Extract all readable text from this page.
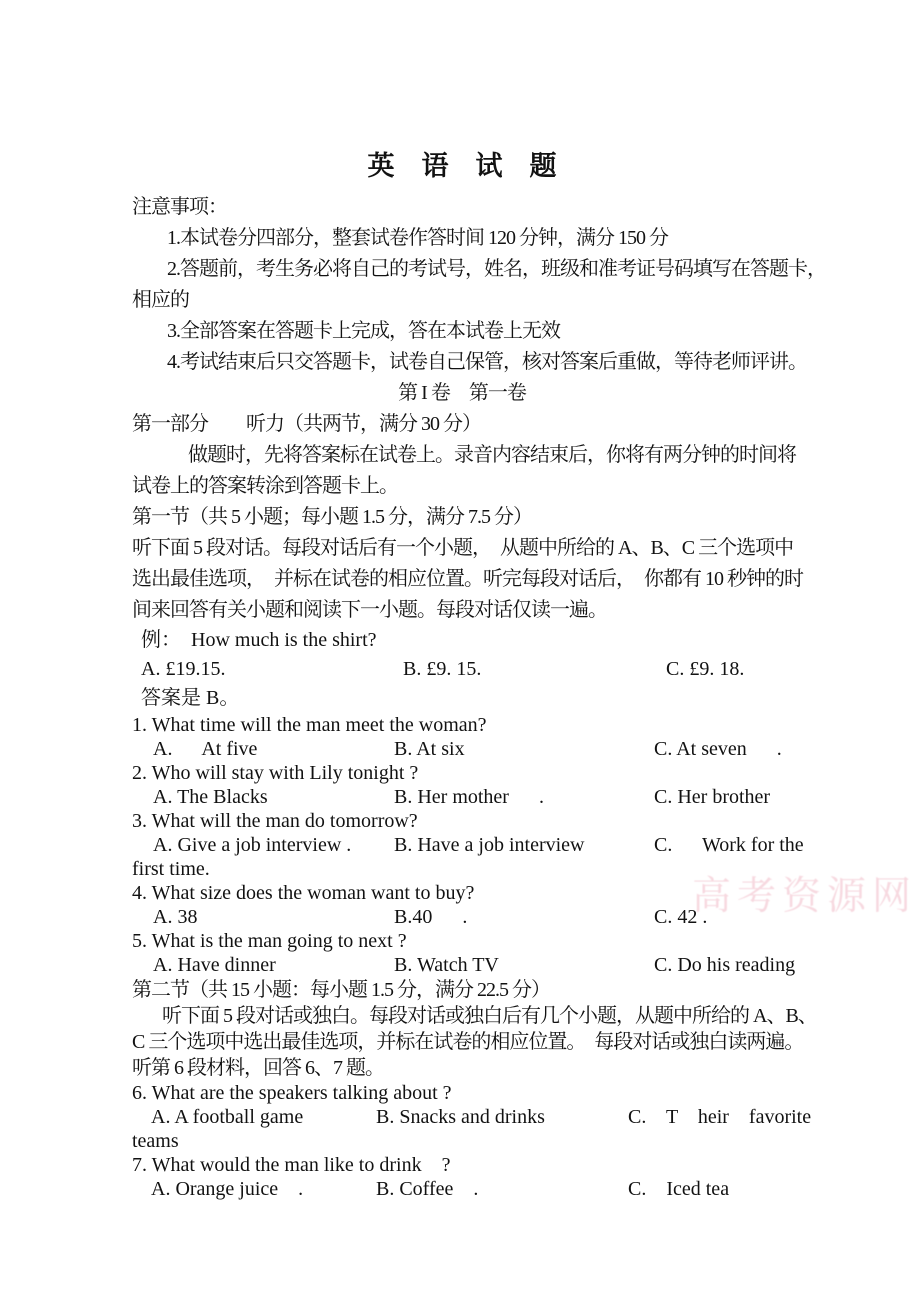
高考资源网
英　语　试　题
注意事项：
1.本试卷分四部分，整套试卷作答时间 120 分钟，满分 150 分
2.答题前，考生务必将自己的考试号，姓名，班级和准考证号码填写在答题卡，
相应的
3.全部答案在答题卡上完成，答在本试卷上无效
4.考试结束后只交答题卡，试卷自己保管，核对答案后重做，等待老师评讲。
第 I 卷　第一卷
第一部分　　听力（共两节，满分 30 分）
做题时，先将答案标在试卷上。录音内容结束后，你将有两分钟的时间将
试卷上的答案转涂到答题卡上。
第一节（共 5 小题；每小题 1.5 分，满分 7.5 分）
听下面 5 段对话。每段对话后有一个小题，　从题中所给的 A、B、C 三个选项中
选出最佳选项，　并标在试卷的相应位置。听完每段对话后，　你都有 10 秒钟的时
间来回答有关小题和阅读下一小题。每段对话仅读一遍。
例：  How much is the shirt?
A. £19.15.	B. £9. 15.	C. £9. 18.
答案是 B。
1. What time will the man meet the woman?
A.      At five	B. At six	C. At seven      .
2. Who will stay with Lily tonight ?
A. The Blacks	B. Her mother      .	C. Her brother
3. What will the man do tomorrow?
A. Give a job interview .	B. Have a job interview	C.      Work for the
first time.
4. What size does the woman want to buy?
A. 38	B.40      .	C. 42 .
5. What is the man going to next ?
A. Have dinner	B. Watch TV	C. Do his reading
第二节（共 15 小题：每小题 1.5 分，满分 22.5 分）
听下面 5 段对话或独白。每段对话或独白后有几个小题，从题中所给的 A、B、
C 三个选项中选出最佳选项，并标在试卷的相应位置。　每段对话或独白读两遍。
听第 6 段材料，回答 6、7 题。
6. What are the speakers talking about ?
A. A football game	B. Snacks and drinks	C.    T    heir    favorite
teams
7. What would the man like to drink    ?
A. Orange juice    .	B. Coffee    .	C.    Iced tea
